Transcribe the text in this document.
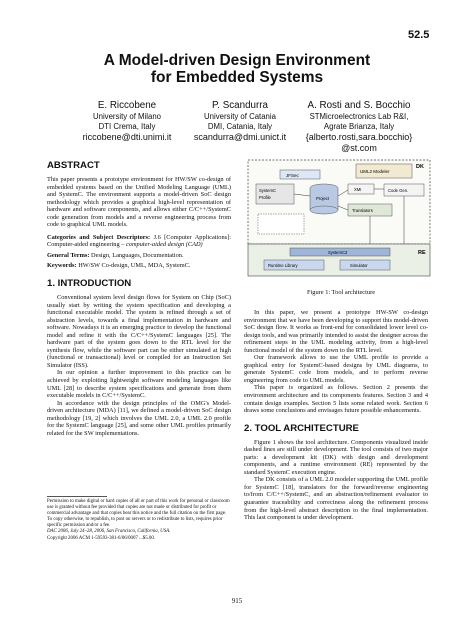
52.5
A Model-driven Design Environment
for Embedded Systems
E. Riccobene
University of Milano
DTI Crema, Italy
riccobene@dti.unimi.it
P. Scandurra
University of Catania
DMI, Catania, Italy
scandurra@dmi.unict.it
A. Rosti and S. Bocchio
STMicroelectronics Lab R&I,
Agrate Brianza, Italy
{alberto.rosti,sara.bocchio}
@st.com
ABSTRACT

This paper presents a prototype environment for HW/SW co-design of embedded systems based on the Unified Modeling Language (UML) and SystemC. The environment supports a model-driven SoC design methodology which provides a graphical high-level representation of hardware and software components, and allows either C/C++/SystemC code generation from models and a reverse engineering process from code to graphical UML models.

Categories and Subject Descriptors: J.6 [Computer Applications]: Computer-aided engineering – computer-aided design (CAD)

General Terms: Design, Languages, Documentation.

Keywords: HW/SW Co-design, UML, MDA, SystemC.

1. INTRODUCTION

Conventional system level design flows for System on Chip (SoC) usually start by writing the system specification and developing a functional executable model. The system is refined through a set of abstraction levels, towards a final implementation in hardware and software. Nowadays it is an emerging practice to develop the functional model and refine it with the C/C++/SystemC languages [25]. The hardware part of the system goes down to the RTL level for the synthesis flow, while the software part can be either simulated at high (functional or transactional) level or compiled for an Instruction Set Simulator (ISS).

In our opinion a further improvement to this practice can be achieved by exploiting lightweight software modeling languages like UML [28] to describe system specifications and generate from them executable models in C/C++/SystemC.

In accordance with the design principles of the OMG's Model-driven architecture (MDA) [11], we defined a model-driven SoC design methodology [19, 2] which involves the UML 2.0, a UML 2.0 profile for the SystemC language [25], and some other UML profiles primarily related for the SW implementations.

Permission to make digital or hard copies of all or part of this work for personal or classroom use is granted without fee provided that copies are not made or distributed for profit or commercial advantage and that copies bear this notice and the full citation on the first page. To copy otherwise, to republish, to post on servers or to redistribute to lists, requires prior specific permission and/or a fee.
DAC 2006, July 24–28, 2006, San Francisco, California, USA.
Copyright 2006 ACM 1-59593-381-6/06/0007 ...$5.00.
DK
UML2 Modeler
JFSec
SystemC
Profile	Project
XMI	Code Gen.
Translators
RE
SystemC2
Runtime Library	Simulator
Figure 1: Tool architecture

In this paper, we present a prototype HW-SW co-design environment that we have been developing to support this model-driven SoC design flow. It works as front-end for consolidated lower level co-design tools, and was primarily intended to assist the designer across the refinement steps in the UML modeling activity, from a high-level functional model of the system down to the RTL level.

Our framework allows to use the UML profile to provide a graphical entry for SystemC-based designs by UML diagrams, to generate SystemC code from models, and to perform reverse engineering from code to UML models.

This paper is organized as follows. Section 2 presents the environment architecture and its components features. Section 3 and 4 contain design examples. Section 5 lists some related work. Section 6 draws some conclusions and envisages future possible enhancements.

2. TOOL ARCHITECTURE

Figure 1 shows the tool architecture. Components visualized inside dashed lines are still under development. The tool consists of two major parts: a development kit (DK) with design and development components, and a runtime environment (RE) represented by the standard SystemC execution engine.

The DK consists of a UML 2.0 modeler supporting the UML profile for SystemC [18], translators for the forward/reverse engineering to/from C/C++/SystemC, and an abstraction/refinement evaluator to guarantee traceability and correctness along the refinement process from the high-level abstract description to the final implementation. This last component is under development.

915
